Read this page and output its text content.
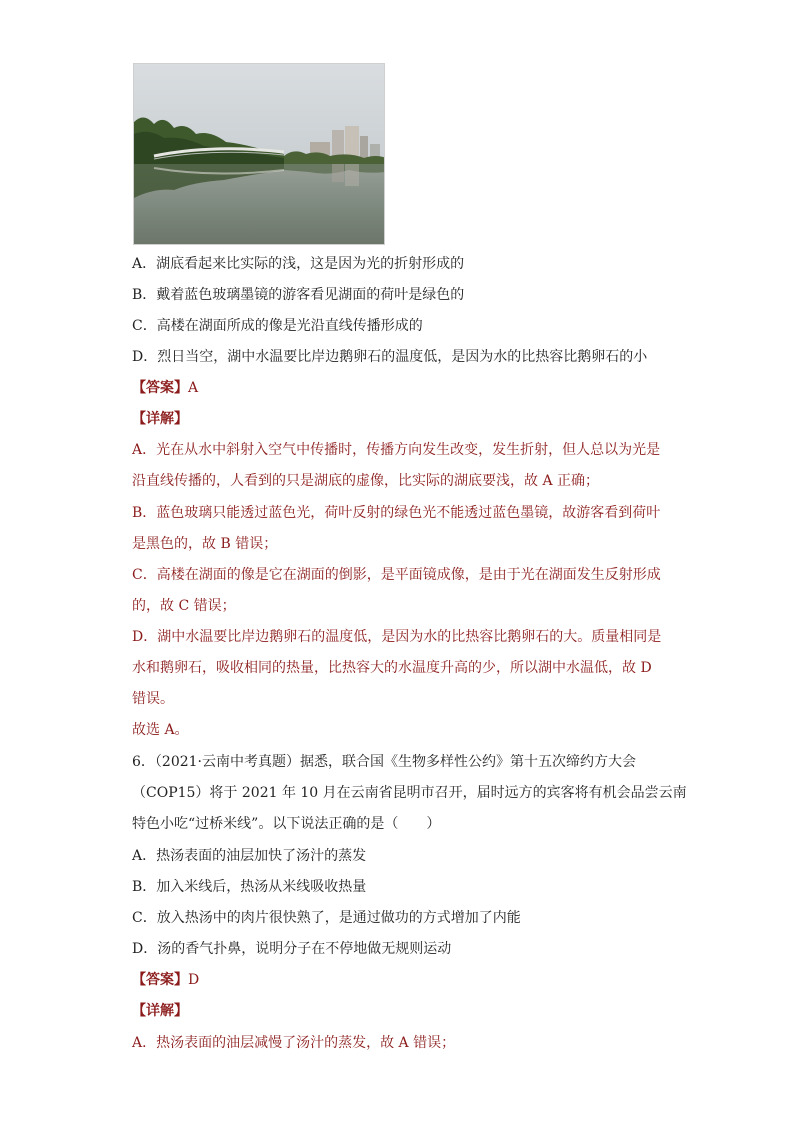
A．湖底看起来比实际的浅，这是因为光的折射形成的
B．戴着蓝色玻璃墨镜的游客看见湖面的荷叶是绿色的
C．高楼在湖面所成的像是光沿直线传播形成的
D．烈日当空，湖中水温要比岸边鹅卵石的温度低，是因为水的比热容比鹅卵石的小
【答案】A
【详解】
A．光在从水中斜射入空气中传播时，传播方向发生改变，发生折射，但人总以为光是
沿直线传播的，人看到的只是湖底的虚像，比实际的湖底要浅，故 A 正确；
B．蓝色玻璃只能透过蓝色光，荷叶反射的绿色光不能透过蓝色墨镜，故游客看到荷叶
是黑色的，故 B 错误；
C．高楼在湖面的像是它在湖面的倒影，是平面镜成像，是由于光在湖面发生反射形成
的，故 C 错误；
D．湖中水温要比岸边鹅卵石的温度低，是因为水的比热容比鹅卵石的大。质量相同是
水和鹅卵石，吸收相同的热量，比热容大的水温度升高的少，所以湖中水温低，故 D
错误。
故选 A。
6．（2021·云南中考真题）据悉，联合国《生物多样性公约》第十五次缔约方大会
（COP15）将于 2021 年 10 月在云南省昆明市召开，届时远方的宾客将有机会品尝云南
特色小吃“过桥米线”。以下说法正确的是（　　）
A．热汤表面的油层加快了汤汁的蒸发
B．加入米线后，热汤从米线吸收热量
C．放入热汤中的肉片很快熟了，是通过做功的方式增加了内能
D．汤的香气扑鼻，说明分子在不停地做无规则运动
【答案】D
【详解】
A．热汤表面的油层减慢了汤汁的蒸发，故 A 错误；
